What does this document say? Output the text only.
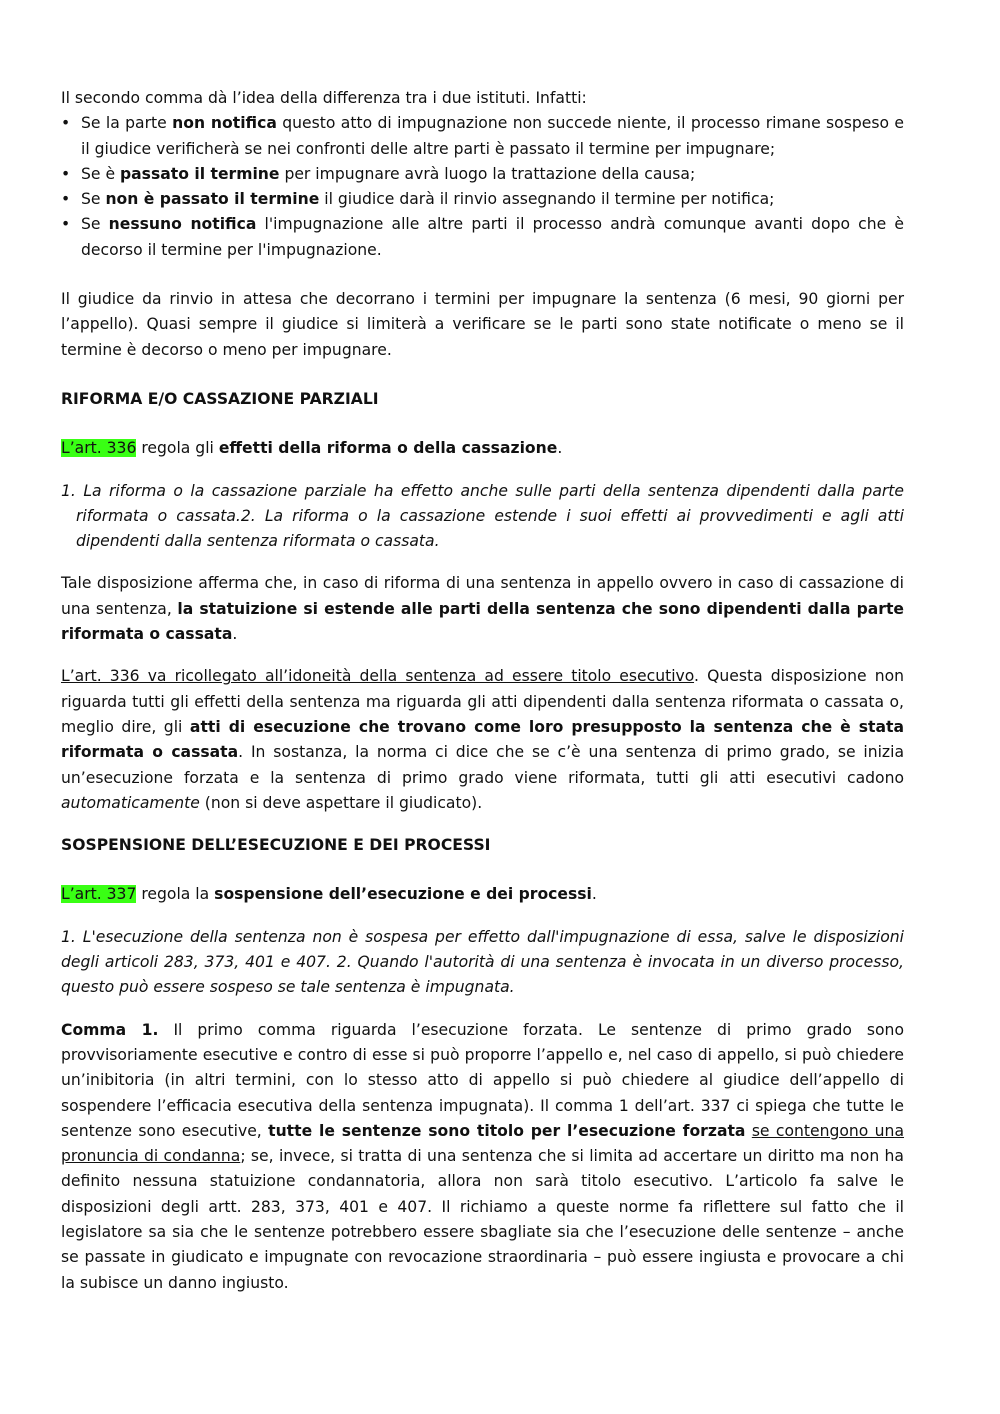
Il secondo comma dà l’idea della differenza tra i due istituti. Infatti:

• Se la parte non notifica questo atto di impugnazione non succede niente, il processo rimane sospeso e il giudice verificherà se nei confronti delle altre parti è passato il termine per impugnare;
• Se è passato il termine per impugnare avrà luogo la trattazione della causa;
• Se non è passato il termine il giudice darà il rinvio assegnando il termine per notifica;
• Se nessuno notifica l'impugnazione alle altre parti il processo andrà comunque avanti dopo che è decorso il termine per l'impugnazione.

Il giudice da rinvio in attesa che decorrano i termini per impugnare la sentenza (6 mesi, 90 giorni per l’appello). Quasi sempre il giudice si limiterà a verificare se le parti sono state notificate o meno se il termine è decorso o meno per impugnare.

RIFORMA E/O CASSAZIONE PARZIALI

L’art. 336 regola gli effetti della riforma o della cassazione.

1. La riforma o la cassazione parziale ha effetto anche sulle parti della sentenza dipendenti dalla parte riformata o cassata.2. La riforma o la cassazione estende i suoi effetti ai provvedimenti e agli atti dipendenti dalla sentenza riformata o cassata.

Tale disposizione afferma che, in caso di riforma di una sentenza in appello ovvero in caso di cassazione di una sentenza, la statuizione si estende alle parti della sentenza che sono dipendenti dalla parte riformata o cassata.

L’art. 336 va ricollegato all’idoneità della sentenza ad essere titolo esecutivo. Questa disposizione non riguarda tutti gli effetti della sentenza ma riguarda gli atti dipendenti dalla sentenza riformata o cassata o, meglio dire, gli atti di esecuzione che trovano come loro presupposto la sentenza che è stata riformata o cassata. In sostanza, la norma ci dice che se c’è una sentenza di primo grado, se inizia un’esecuzione forzata e la sentenza di primo grado viene riformata, tutti gli atti esecutivi cadono automaticamente (non si deve aspettare il giudicato).

SOSPENSIONE DELL’ESECUZIONE E DEI PROCESSI

L’art. 337 regola la sospensione dell’esecuzione e dei processi.

1. L'esecuzione della sentenza non è sospesa per effetto dall'impugnazione di essa, salve le disposizioni degli articoli 283, 373, 401 e 407. 2. Quando l'autorità di una sentenza è invocata in un diverso processo, questo può essere sospeso se tale sentenza è impugnata.

Comma 1. Il primo comma riguarda l’esecuzione forzata. Le sentenze di primo grado sono provvisoriamente esecutive e contro di esse si può proporre l’appello e, nel caso di appello, si può chiedere un’inibitoria (in altri termini, con lo stesso atto di appello si può chiedere al giudice dell’appello di sospendere l’efficacia esecutiva della sentenza impugnata). Il comma 1 dell’art. 337 ci spiega che tutte le sentenze sono esecutive, tutte le sentenze sono titolo per l’esecuzione forzata se contengono una pronuncia di condanna; se, invece, si tratta di una sentenza che si limita ad accertare un diritto ma non ha definito nessuna statuizione condannatoria, allora non sarà titolo esecutivo. L’articolo fa salve le disposizioni degli artt. 283, 373, 401 e 407. Il richiamo a queste norme fa riflettere sul fatto che il legislatore sa sia che le sentenze potrebbero essere sbagliate sia che l’esecuzione delle sentenze – anche se passate in giudicato e impugnate con revocazione straordinaria – può essere ingiusta e provocare a chi la subisce un danno ingiusto.
